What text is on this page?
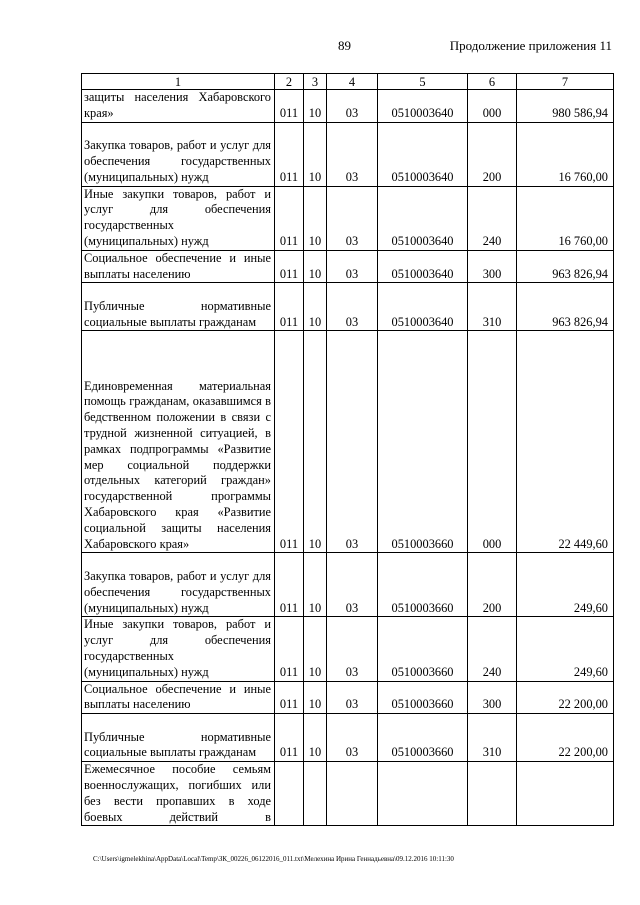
89	Продолжение приложения 11
1	2	3	4	5	6	7
защиты населения Хабаровского края»	011	10	03	0510003640	000	980 586,94
Закупка товаров, работ и услуг для обеспечения государственных (муниципальных) нужд	011	10	03	0510003640	200	16 760,00
Иные закупки товаров, работ и услуг для обеспечения государственных (муниципальных) нужд	011	10	03	0510003640	240	16 760,00
Социальное обеспечение и иные выплаты населению	011	10	03	0510003640	300	963 826,94
Публичные нормативные социальные выплаты гражданам	011	10	03	0510003640	310	963 826,94
Единовременная материальная помощь гражданам, оказавшимся в бедственном положении в связи с трудной жизненной ситуацией, в рамках подпрограммы «Развитие мер социальной поддержки отдельных категорий граждан» государственной программы Хабаровского края «Развитие социальной защиты населения Хабаровского края»	011	10	03	0510003660	000	22 449,60
Закупка товаров, работ и услуг для обеспечения государственных (муниципальных) нужд	011	10	03	0510003660	200	249,60
Иные закупки товаров, работ и услуг для обеспечения государственных (муниципальных) нужд	011	10	03	0510003660	240	249,60
Социальное обеспечение и иные выплаты населению	011	10	03	0510003660	300	22 200,00
Публичные нормативные социальные выплаты гражданам	011	10	03	0510003660	310	22 200,00
Ежемесячное пособие семьям военнослужащих, погибших или без вести пропавших в ходе боевых действий в						
C:\Users\igmelekhina\AppData\Local\Temp\ЗК_00226_06122016_011.txt\Мелехина Ирина Геннадьевна\09.12.2016 10:11:30
